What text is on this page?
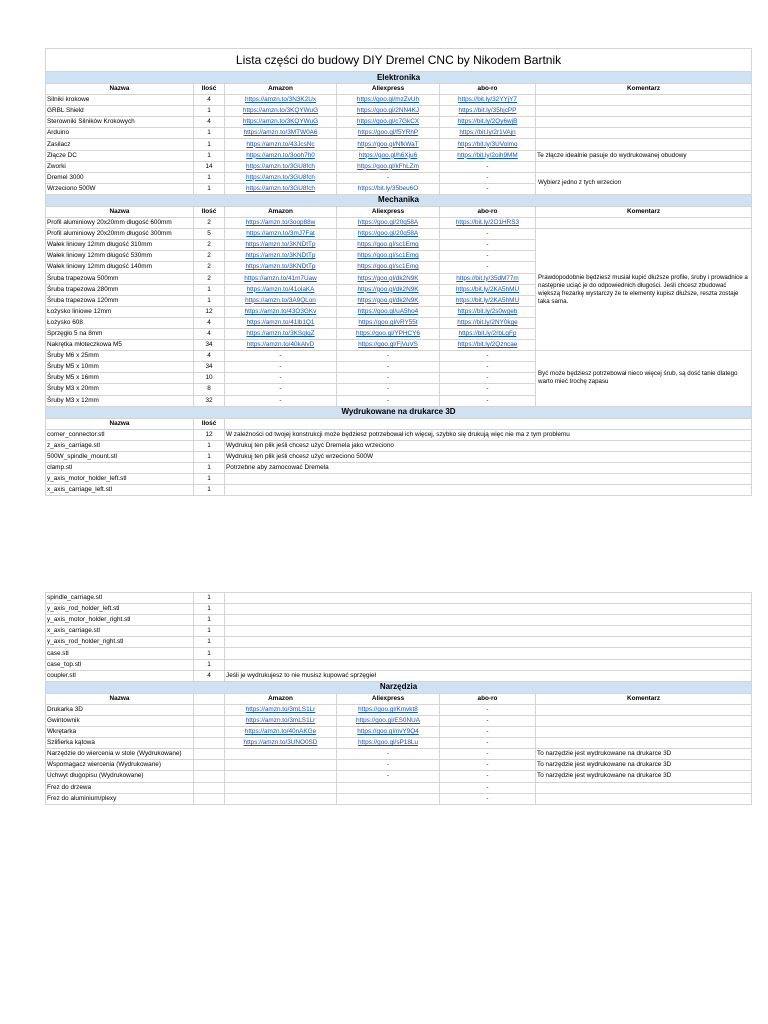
Lista części do budowy DIY Dremel CNC by Nikodem Bartnik					
Elektronika					
Nazwa	Ilość	Amazon	Aliexpress	abo-ro	Komentarz
Silniki krokowe	4	https://amzn.to/3N3K2Ux	https://goo.gl/mzZvUh	https://bit.ly/32YYjY7	
GRBL Shield	1	https://amzn.to/3KQYWuG	https://goo.gl/2NN4KJ	https://bit.ly/35hjcPP	
Sterowniki Silników Krokowych	4	https://amzn.to/3KQYWuG	https://goo.gl/c7GkCX	https://bit.ly/2Qy6wjB	
Arduino	1	https://amzn.to/3MTW0A6	https://goo.gl/f5YRhP	https://bit.ly/2r1VAjn	
Zasilacz	1	https://amzn.to/43JcsNc	https://goo.gl/NfkWaT	https://bit.ly/3UVolmo	
Złącze DC	1	https://amzn.to/3ooh7h0	https://goo.gl/h6Xju6	https://bit.ly/2oih9MM	Te złącze idealnie pasuje do wydrukowanej obudowy
Zworki	14	https://amzn.to/3GU8fch	https://goo.gl/kFhLZm	-	
Dremel 3000	1	https://amzn.to/3GU8fch	-	-	Wybierz jedno z tych wrzecion
Wrzeciono 500W	1	https://amzn.to/3GU8fch	https://bit.ly/35beu6O	-	
Mechanika					
Nazwa	Ilość	Amazon	Aliexpress	abo-ro	Komentarz
Profil aluminiowy 20x20mm długość 600mm	2	https://amzn.to/3oop88w	https://goo.gl/20q58A	https://bit.ly/2O1HRS3	
Profil aluminiowy 20x20mm długość 300mm	5	https://amzn.to/3mJ7Fat	https://goo.gl/20q58A	-	Prawdopodobnie będziesz musiał kupić dłuższe profile, śruby i prowadnice a następnie uciąć je do odpowiednich długości. Jeśli chcesz zbudować większą frezarkę wystarczy że te elementy kupisz dłuższe, reszta zostaje taka sama.
Wałek liniowy 12mm długość 310mm	2	https://amzn.to/3KNDtTp	https://goo.gl/sc1Emg	-	
Wałek liniowy 12mm długość 530mm	2	https://amzn.to/3KNDtTp	https://goo.gl/sc1Emg	-	
Wałek liniowy 12mm długość 140mm	2	https://amzn.to/3KNDtTp	https://goo.gl/sc1Emg	-	
Śruba trapezowa 500mm	2	https://amzn.to/41m7Uaw	https://goo.gl/dk2N9K	https://bit.ly/35dM77m	
Śruba trapezowa 280mm	1	https://amzn.to/41olaKA	https://goo.gl/dk2N9K	https://bit.ly/2KA5hMU	
Śruba trapezowa 120mm	1	https://amzn.to/3A9QLon	https://goo.gl/dk2N9K	https://bit.ly/2KA5hMU	
Łożysko liniowe 12mm	12	https://amzn.to/43O3GKv	https://goo.gl/uA5ho4	https://bit.ly/2s0wgeb	
Łożysko 608	4	https://amzn.to/41lb1Q1	https://goo.gl/vRY55t	https://bit.ly/2NY0kge	
Sprzęgło 5 na 8mm	4	https://amzn.to/3KSqlqZ	https://goo.gl/YPHCY6	https://bit.ly/2rbLgFp	
Nakrętka młoteczkowa M5	34	https://amzn.to/40kAlvD	https://goo.gl/FjVuVS	https://bit.ly/2Qzncae	
Śruby M6 x 25mm	4	-	-	-	Być może będziesz potrzebował nieco więcej śrub, są dość tanie dlatego warto mieć trochę zapasu
Śruby M5 x 10mm	34	-	-	-	
Śruby M5 x 16mm	10	-	-	-	
Śruby M3 x 20mm	8	-	-	-	
Śruby M3 x 12mm	32	-	-	-	
Wydrukowane na drukarce 3D					
Nazwa	Ilość				
corner_connector.stl	12	W zależności od twojej konstrukcji może będziesz potrzebował ich więcej, szybko się drukują więc nie ma z tym problemu			
z_axis_carriage.stl	1	Wydrukuj ten plik jeśli chcesz użyć Dremela jako wrzeciono			
500W_spindle_mount.stl	1	Wydrukuj ten plik jeśli chcesz użyć wrzeciono 500W			
clamp.stl	1	Potrzebne aby zamocować Dremela			
y_axis_motor_holder_left.stl	1				
x_axis_carriage_left.stl	1				
spindle_carriage.stl	1				
y_axis_rod_holder_left.stl	1				
y_axis_motor_holder_right.stl	1				
x_axis_carriage.stl	1				
y_axis_rod_holder_right.stl	1				
case.stl	1				
case_top.stl	1				
coupler.stl	4	Jeśli je wydrukujesz to nie musisz kupować sprzęgieł			
Narzędzia					
Nazwa		Amazon	Aliexpress	abo-ro	Komentarz
Drukarka 3D		https://amzn.to/3mLS1Lr	https://goo.gl/Kmvkt8	-	
Gwintownik		https://amzn.to/3mLS1Lr	https://goo.gl/ES0NUA	-	
Wkrętarka		https://amzn.to/40nAKGe	https://goo.gl/nvY9Q4	-	
Szlifierka kątowa		https://amzn.to/3UNO0SD	https://goo.gl/sP18Lu	-	
Narzędzie do wiercenia w stole (Wydrukowane)			-	-	To narzędzie jest wydrukowane na drukarce 3D
Wspomagacz wiercenia (Wydrukowane)			-	-	To narzędzie jest wydrukowane na drukarce 3D
Uchwyt długopisu (Wydrukowane)			-	-	To narzędzie jest wydrukowane na drukarce 3D
Frez do drzewa				-	
Frez do aluminium/plexy				-	
